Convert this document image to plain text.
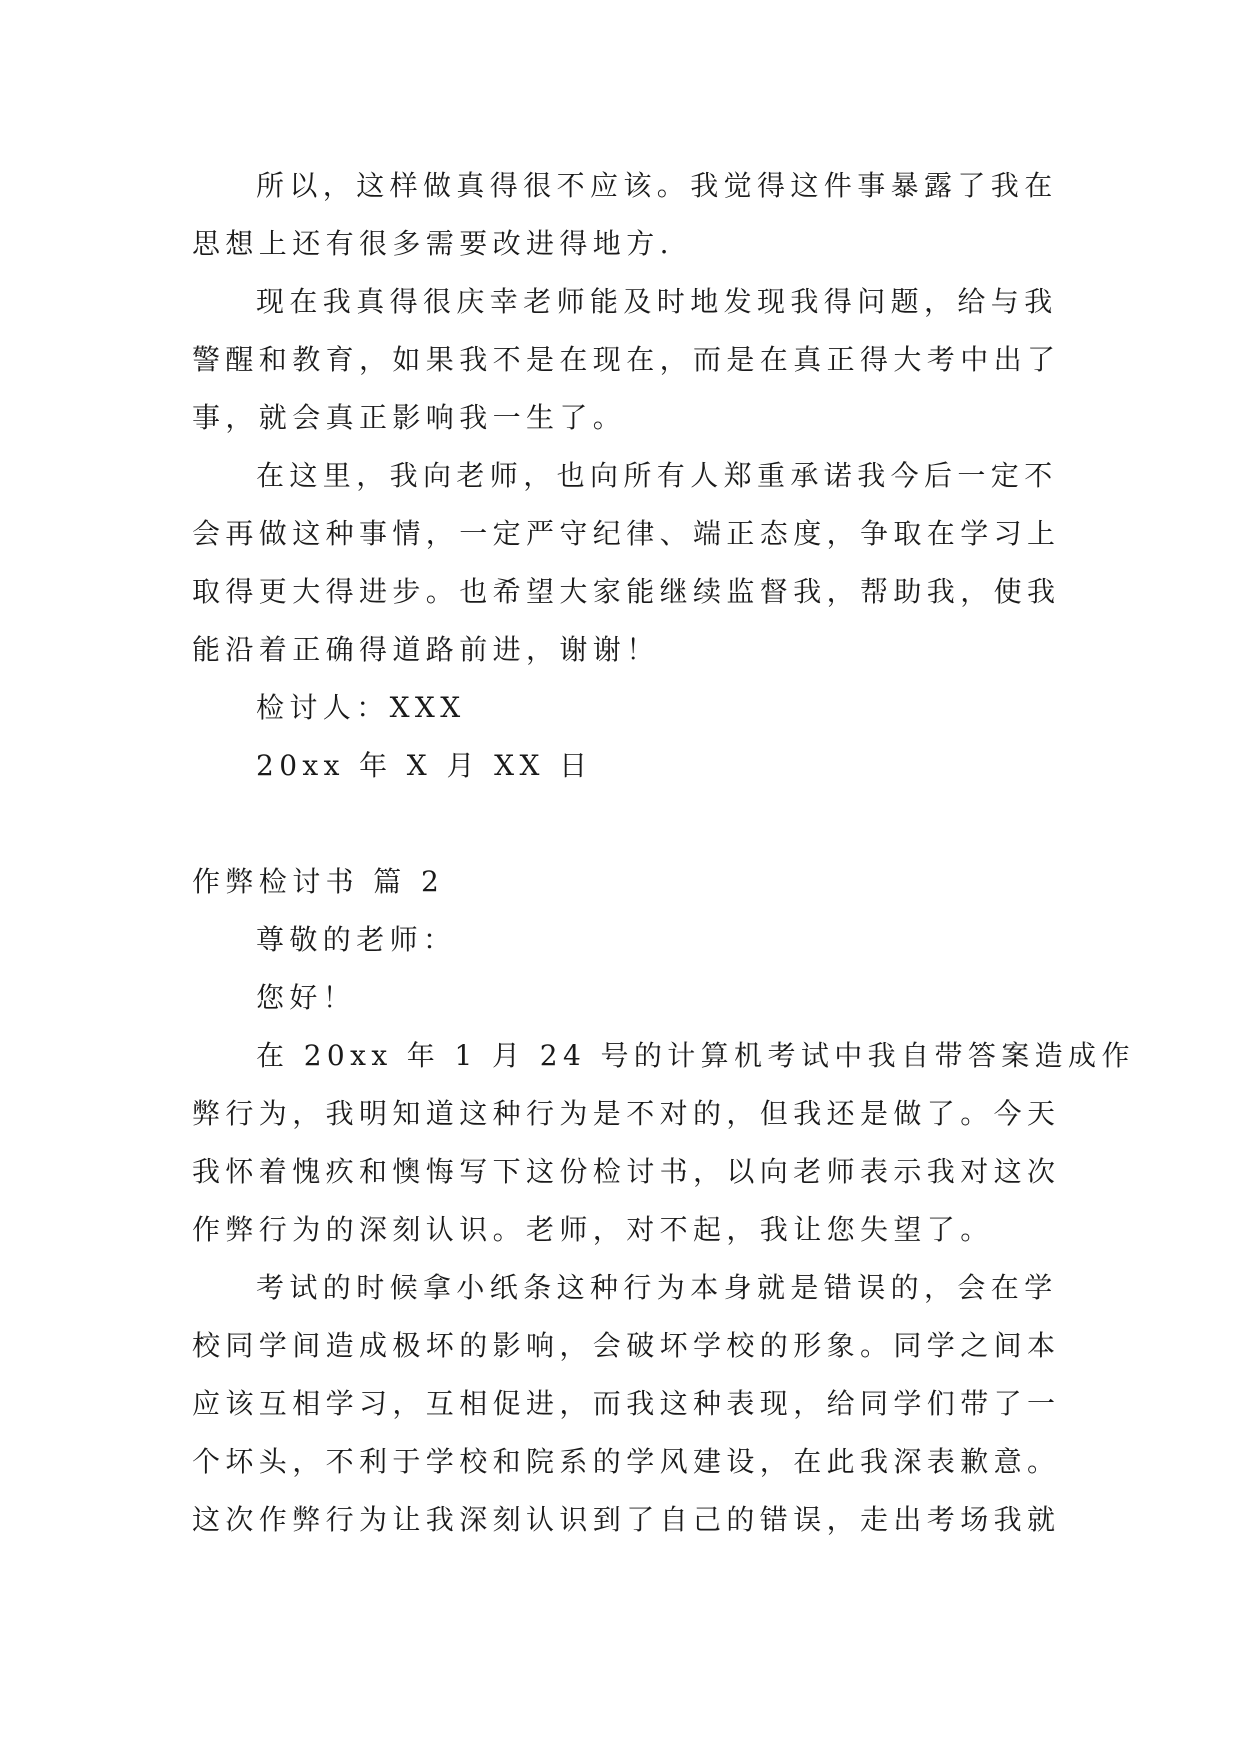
所以，这样做真得很不应该。我觉得这件事暴露了我在
思想上还有很多需要改进得地方.
现在我真得很庆幸老师能及时地发现我得问题，给与我
警醒和教育，如果我不是在现在，而是在真正得大考中出了
事，就会真正影响我一生了。
在这里，我向老师，也向所有人郑重承诺我今后一定不
会再做这种事情，一定严守纪律、端正态度，争取在学习上
取得更大得进步。也希望大家能继续监督我，帮助我，使我
能沿着正确得道路前进，谢谢！
检讨人：XXX
20xx 年 X 月 XX 日
作弊检讨书 篇 2
尊敬的老师：
您好！
在 20xx 年 1 月 24 号的计算机考试中我自带答案造成作
弊行为，我明知道这种行为是不对的，但我还是做了。今天
我怀着愧疚和懊悔写下这份检讨书，以向老师表示我对这次
作弊行为的深刻认识。老师，对不起，我让您失望了。
考试的时候拿小纸条这种行为本身就是错误的，会在学
校同学间造成极坏的影响，会破坏学校的形象。同学之间本
应该互相学习，互相促进，而我这种表现，给同学们带了一
个坏头，不利于学校和院系的学风建设，在此我深表歉意。
这次作弊行为让我深刻认识到了自己的错误，走出考场我就
